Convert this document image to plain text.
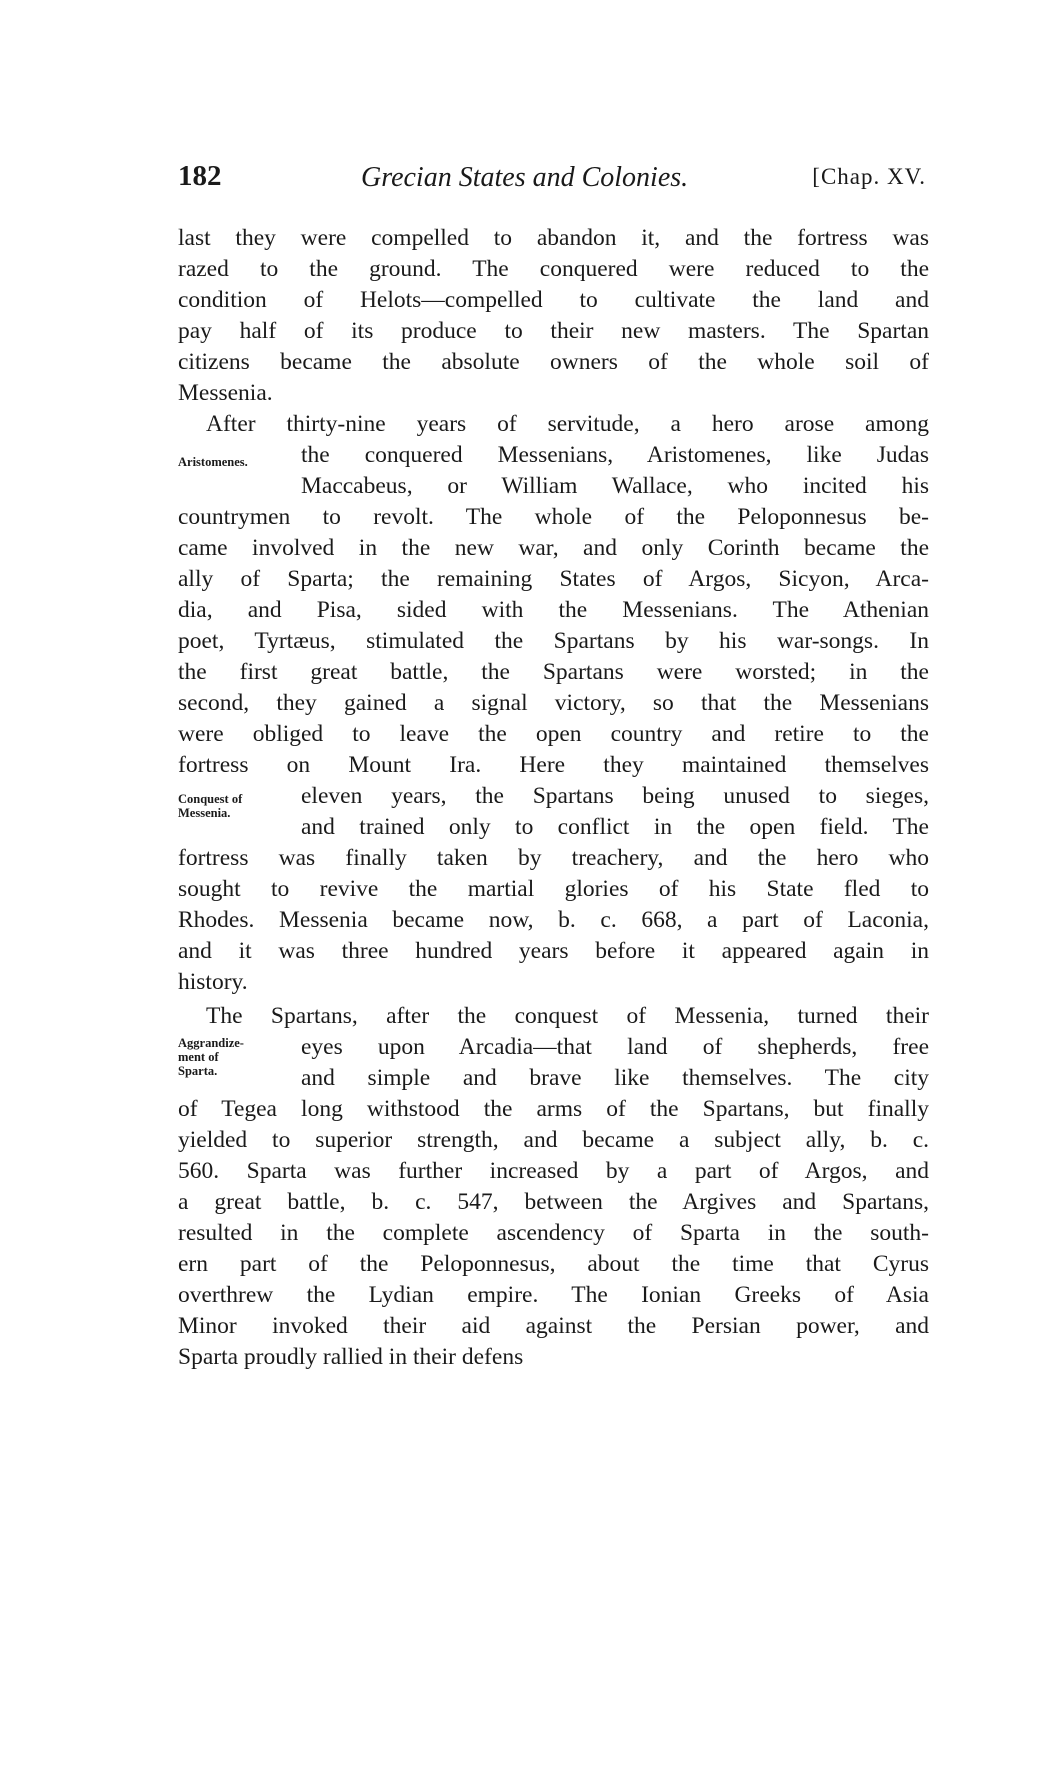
182	Grecian States and Colonies.	[Chap. XV.
last they were compelled to abandon it, and the fortress was
razed to the ground. The conquered were reduced to the
condition of Helots—compelled to cultivate the land and
pay half of its produce to their new masters. The Spartan
citizens became the absolute owners of the whole soil of
Messenia.
After thirty-nine years of servitude, a hero arose among
the conquered Messenians, Aristomenes, like Judas
Maccabeus, or William Wallace, who incited his
countrymen to revolt. The whole of the Peloponnesus be-
came involved in the new war, and only Corinth became the
ally of Sparta; the remaining States of Argos, Sicyon, Arca-
dia, and Pisa, sided with the Messenians. The Athenian
poet, Tyrtæus, stimulated the Spartans by his war-songs. In
the first great battle, the Spartans were worsted; in the
second, they gained a signal victory, so that the Messenians
were obliged to leave the open country and retire to the
fortress on Mount Ira. Here they maintained themselves
eleven years, the Spartans being unused to sieges,
and trained only to conflict in the open field. The
fortress was finally taken by treachery, and the hero who
sought to revive the martial glories of his State fled to
Rhodes. Messenia became now, b. c. 668, a part of Laconia,
and it was three hundred years before it appeared again in
history.
The Spartans, after the conquest of Messenia, turned their
eyes upon Arcadia—that land of shepherds, free
and simple and brave like themselves. The city
of Tegea long withstood the arms of the Spartans, but finally
yielded to superior strength, and became a subject ally, b. c.
560. Sparta was further increased by a part of Argos, and
a great battle, b. c. 547, between the Argives and Spartans,
resulted in the complete ascendency of Sparta in the south-
ern part of the Peloponnesus, about the time that Cyrus
overthrew the Lydian empire. The Ionian Greeks of Asia
Minor invoked their aid against the Persian power, and
Sparta proudly rallied in their defens
Aristomenes.
Conquest of
Messenia.
Aggrandize-
ment of
Sparta.
